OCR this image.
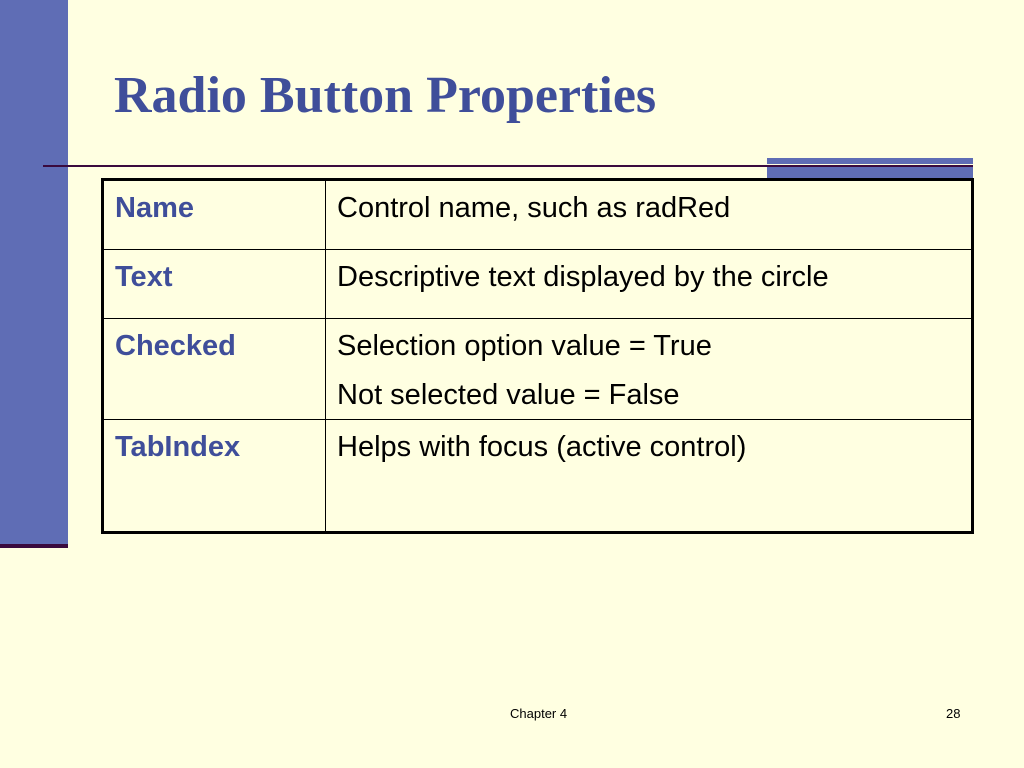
Radio Button Properties
Name	Control name, such as radRed

Text	Descriptive text displayed by the circle

Checked	Selection option value = True
Not selected value = False

TabIndex	Helps with focus (active control)
Chapter 4	28
